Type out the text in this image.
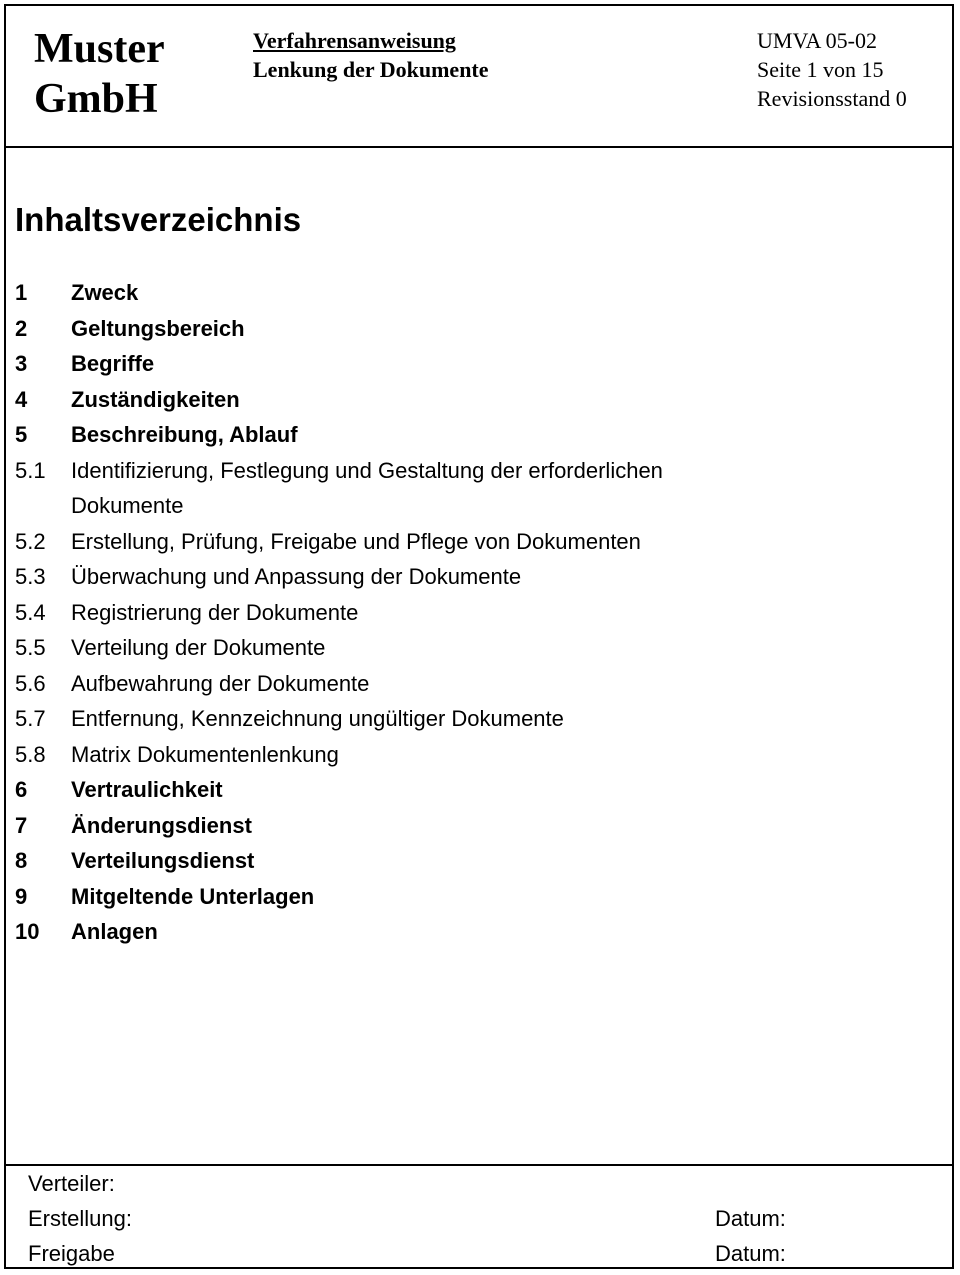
Muster
GmbH
Verfahrensanweisung
Lenkung der Dokumente
UMVA 05-02
Seite 1 von 15
Revisionsstand 0
Inhaltsverzeichnis
1	Zweck
2	Geltungsbereich
3	Begriffe
4	Zuständigkeiten
5	Beschreibung, Ablauf
5.1	Identifizierung, Festlegung und Gestaltung der erforderlichen
Dokumente
5.2	Erstellung, Prüfung, Freigabe und Pflege von Dokumenten
5.3	Überwachung und Anpassung der Dokumente
5.4	Registrierung der Dokumente
5.5	Verteilung der Dokumente
5.6	Aufbewahrung der Dokumente
5.7	Entfernung, Kennzeichnung ungültiger Dokumente
5.8	Matrix Dokumentenlenkung
6	Vertraulichkeit
7	Änderungsdienst
8	Verteilungsdienst
9	Mitgeltende Unterlagen
10	Anlagen
Verteiler:
Erstellung:	Datum:
Freigabe	Datum:
